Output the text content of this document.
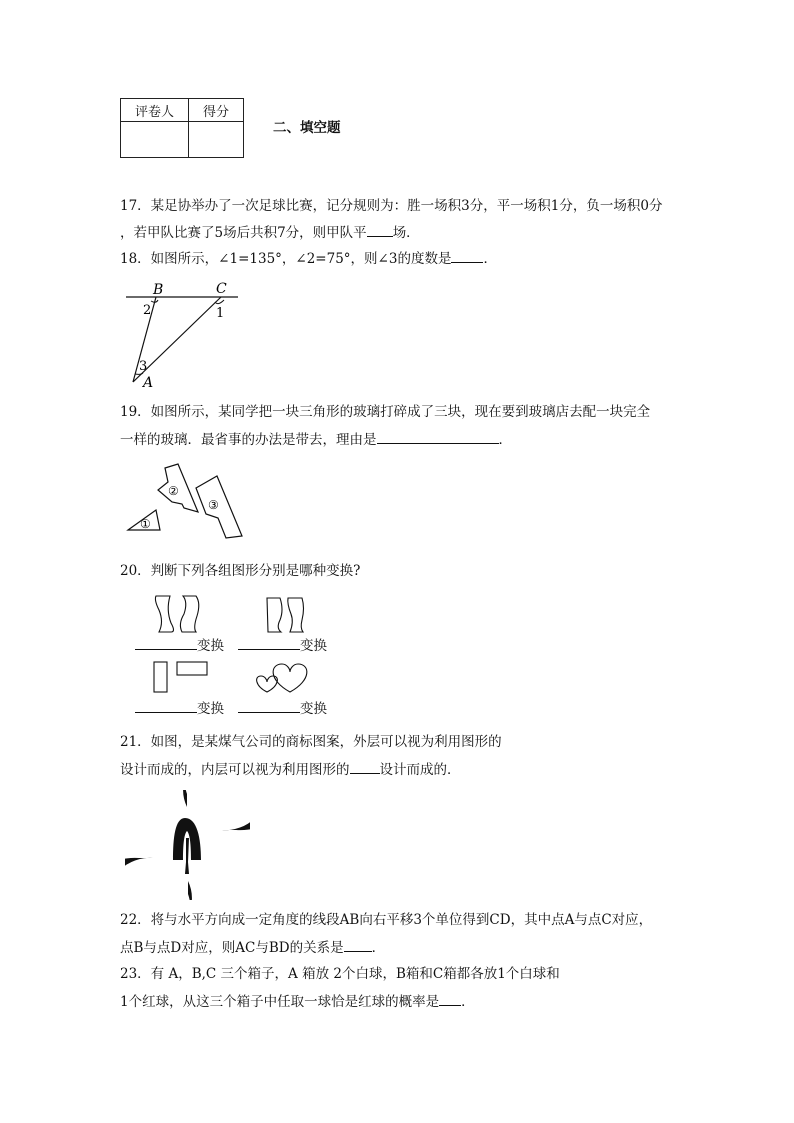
评卷人	得分

二、填空题
17．某足协举办了一次足球比赛，记分规则为：胜一场积3分，平一场积1分，负一场积0分
，若甲队比赛了5场后共积7分，则甲队平 场．
18．如图所示，∠1=135°，∠2=75°，则∠3的度数是 ．
B	C
A
1
2
3
19．如图所示，某同学把一块三角形的玻璃打碎成了三块，现在要到玻璃店去配一块完全
一样的玻璃．最省事的办法是带去，理由是	．
①
②
③
20．判断下列各组图形分别是哪种变换?
变换	变换
变换	变换
21．如图，是某煤气公司的商标图案，外层可以视为利用图形的
设计而成的，内层可以视为利用图形的 设计而成的．
22．将与水平方向成一定角度的线段AB向右平移3个单位得到CD，其中点A与点C对应，
点B与点D对应，则AC与BD的关系是 ．
23．有 A，B,C 三个箱子，A 箱放 2个白球，B箱和C箱都各放1个白球和
1个红球，从这三个箱子中任取一球恰是红球的概率是 ．
